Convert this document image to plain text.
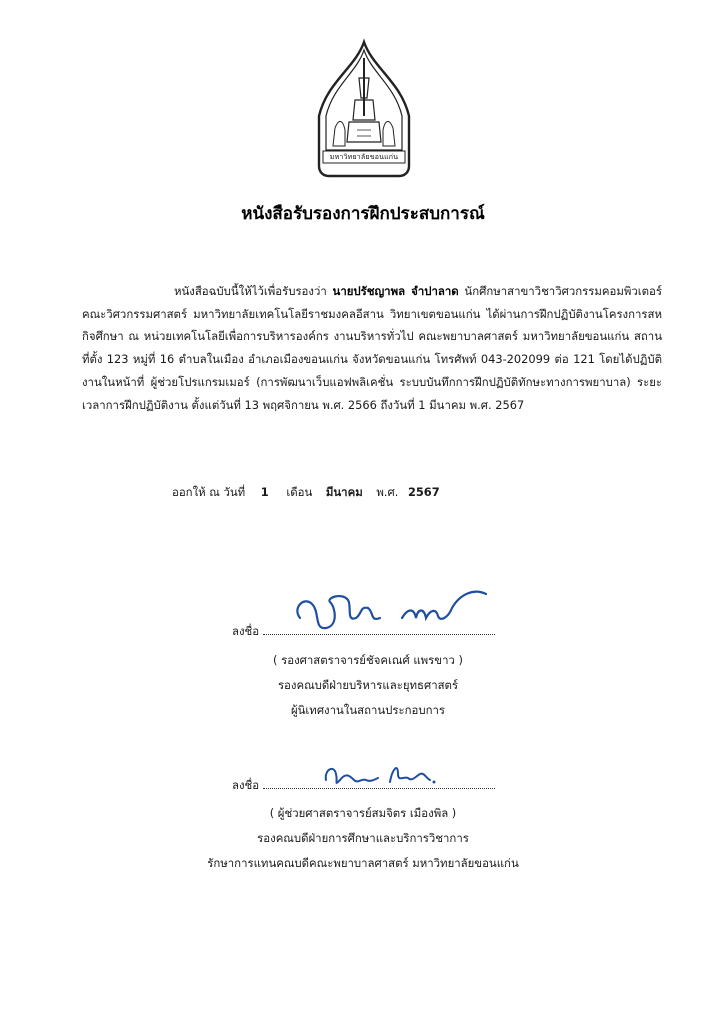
มหาวิทยาลัยขอนแก่น
หนังสือรับรองการฝึกประสบการณ์
หนังสือฉบับนี้ให้ไว้เพื่อรับรองว่า นายปรัชญาพล จำปาลาด นักศึกษาสาขาวิชาวิศวกรรมคอมพิวเตอร์ คณะวิศวกรรมศาสตร์ มหาวิทยาลัยเทคโนโลยีราชมงคลอีสาน วิทยาเขตขอนแก่น ได้ผ่านการฝึกปฏิบัติงานโครงการสหกิจศึกษา ณ หน่วยเทคโนโลยีเพื่อการบริหารองค์กร งานบริหารทั่วไป คณะพยาบาลศาสตร์ มหาวิทยาลัยขอนแก่น สถานที่ตั้ง 123 หมู่ที่ 16 ตำบลในเมือง อำเภอเมืองขอนแก่น จังหวัดขอนแก่น โทรศัพท์ 043-202099 ต่อ 121 โดยได้ปฏิบัติงานในหน้าที่ ผู้ช่วยโปรแกรมเมอร์ (การพัฒนาเว็บแอฟพลิเคชั่น ระบบบันทึกการฝึกปฏิบัติทักษะทางการพยาบาล) ระยะเวลาการฝึกปฏิบัติงาน ตั้งแต่วันที่ 13 พฤศจิกายน พ.ศ. 2566 ถึงวันที่ 1 มีนาคม พ.ศ. 2567
ออกให้ ณ วันที่ 1 เดือน มีนาคม พ.ศ. 2567
ลงชื่อ
( รองศาสตราจารย์ชัจคเณศ์ แพรขาว )
รองคณบดีฝ่ายบริหารและยุทธศาสตร์
ผู้นิเทศงานในสถานประกอบการ
ลงชื่อ
( ผู้ช่วยศาสตราจารย์สมจิตร เมืองพิล )
รองคณบดีฝ่ายการศึกษาและบริการวิชาการ
รักษาการแทนคณบดีคณะพยาบาลศาสตร์ มหาวิทยาลัยขอนแก่น
